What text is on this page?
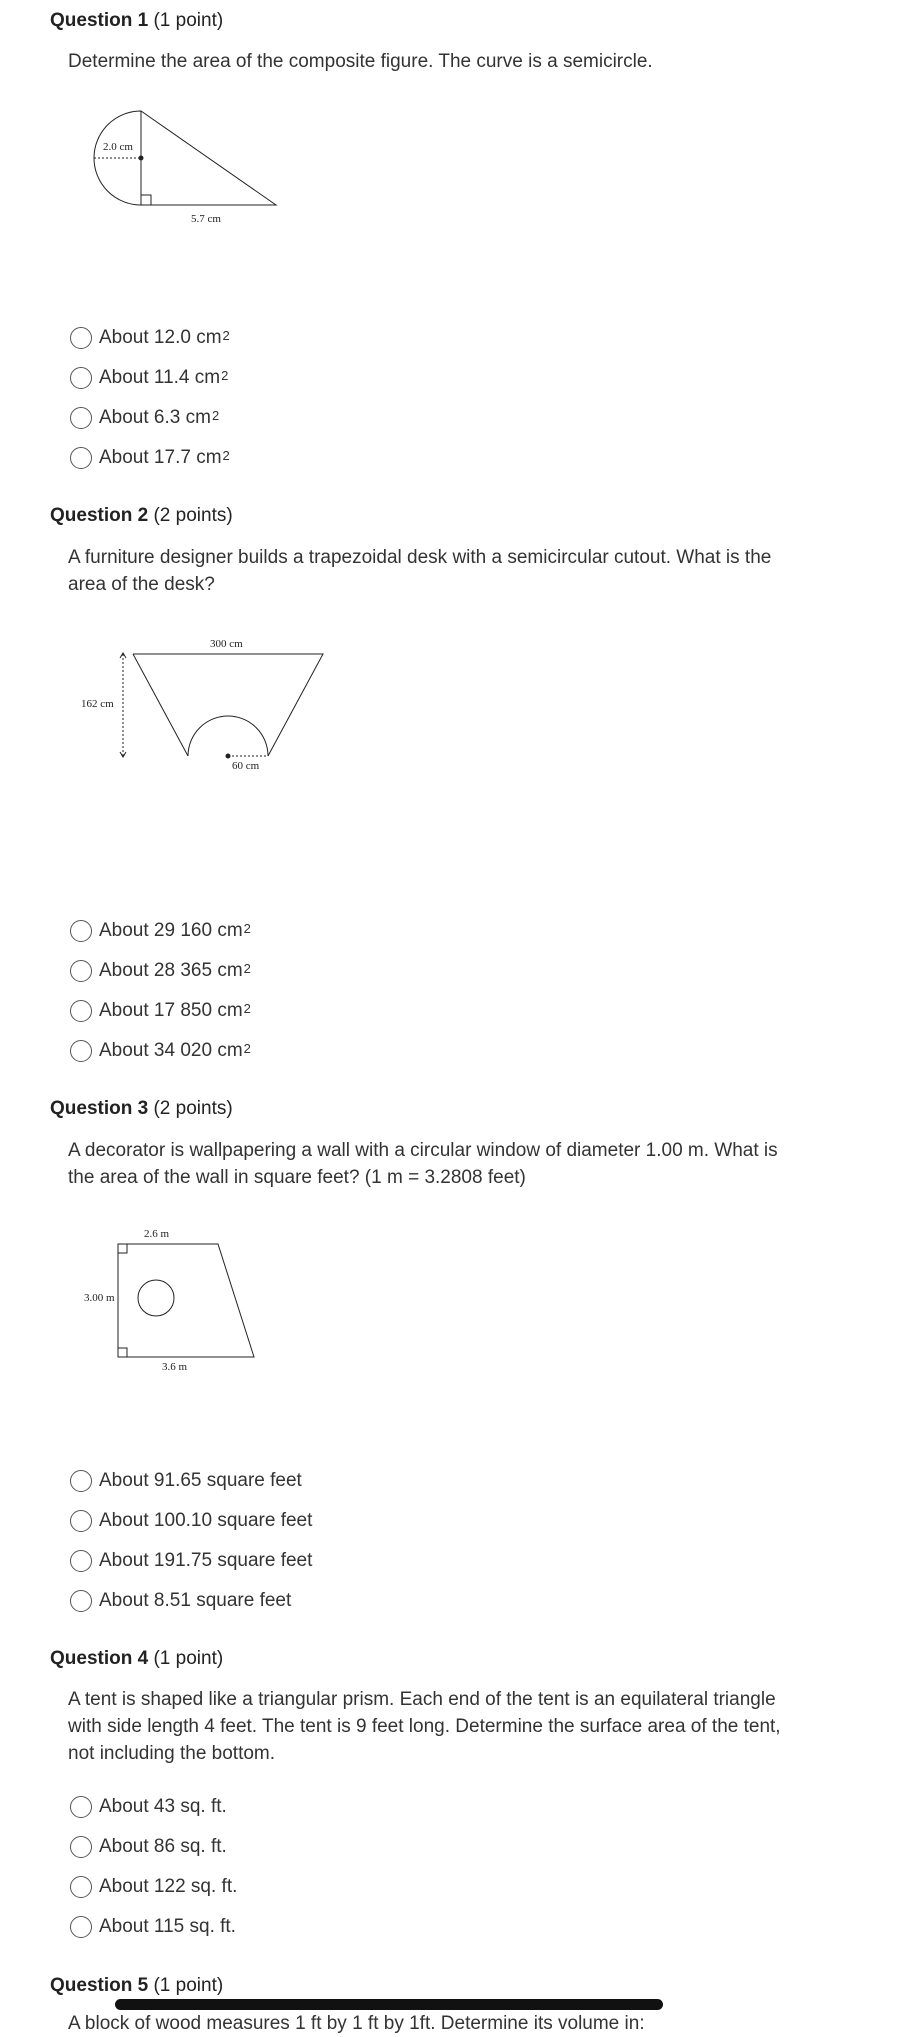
Question 1 (1 point)
Determine the area of the composite figure. The curve is a semicircle.
2.0 cm
5.7 cm
About 12.0 $cm^2$
About 11.4 $cm^2$
About 6.3 $cm^2$
About 17.7 $cm^2$
Question 2 (2 points)
A furniture designer builds a trapezoidal desk with a semicircular cutout. What is the area of the desk?
300 cm
162 cm
60 cm
About 29 160 $cm^2$
About 28 365 $cm^2$
About 17 850 $cm^2$
About 34 020 $cm^2$
Question 3 (2 points)
A decorator is wallpapering a wall with a circular window of diameter 1.00 m. What is the area of the wall in square feet? (1 m = 3.2808 feet)
2.6 m
3.00 m
3.6 m
About 91.65 square feet
About 100.10 square feet
About 191.75 square feet
About 8.51 square feet
Question 4 (1 point)
A tent is shaped like a triangular prism. Each end of the tent is an equilateral triangle with side length 4 feet. The tent is 9 feet long. Determine the surface area of the tent, not including the bottom.
About 43 sq. ft.
About 86 sq. ft.
About 122 sq. ft.
About 115 sq. ft.
Question 5 (1 point)
A block of wood measures 1 ft by 1 ft by 1ft. Determine its volume in:
